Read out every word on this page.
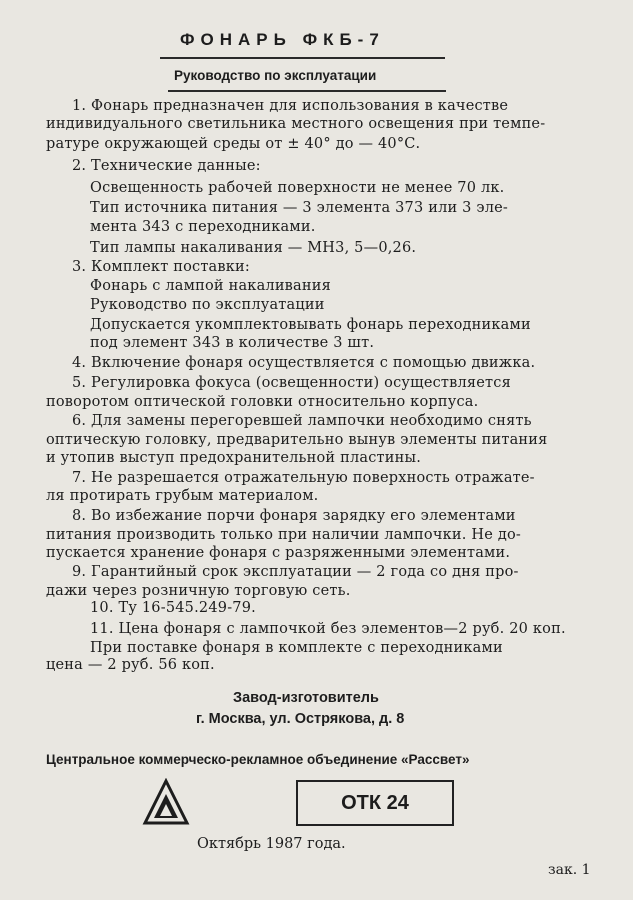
ФОНАРЬ ФКБ-7
Руководство по эксплуатации
1. Фонарь предназначен для использования в качестве
индивидуального светильника местного освещения при темпе-
ратуре окружающей среды от ± 40° до — 40°С.
2. Технические данные:
Освещенность рабочей поверхности не менее 70 лк.
Тип источника питания — 3 элемента 373 или 3 эле-
мента 343 с переходниками.
Тип лампы накаливания — МН3, 5—0,26.
3. Комплект поставки:
Фонарь с лампой накаливания
Руководство по эксплуатации
Допускается укомплектовывать фонарь переходниками
под элемент 343 в количестве 3 шт.
4. Включение фонаря осуществляется с помощью движка.
5. Регулировка фокуса (освещенности) осуществляется
поворотом оптической головки относительно корпуса.
6. Для замены перегоревшей лампочки необходимо снять
оптическую головку, предварительно вынув элементы питания
и утопив выступ предохранительной пластины.
7. Не разрешается отражательную поверхность отражате-
ля протирать грубым материалом.
8. Во избежание порчи фонаря зарядку его элементами
питания производить только при наличии лампочки. Не до-
пускается хранение фонаря с разряженными элементами.
9. Гарантийный срок эксплуатации — 2 года со дня про-
дажи через розничную торговую сеть.
10. Ту 16-545.249-79.
11. Цена фонаря с лампочкой без элементов—2 руб. 20 коп.
При поставке фонаря в комплекте с переходниками
цена — 2 руб. 56 коп.
Завод-изготовитель
г. Москва, ул. Острякова, д. 8
Центральное коммерческо-рекламное объединение «Рассвет»
ОТК 24
Октябрь 1987 года.
зак. 1
